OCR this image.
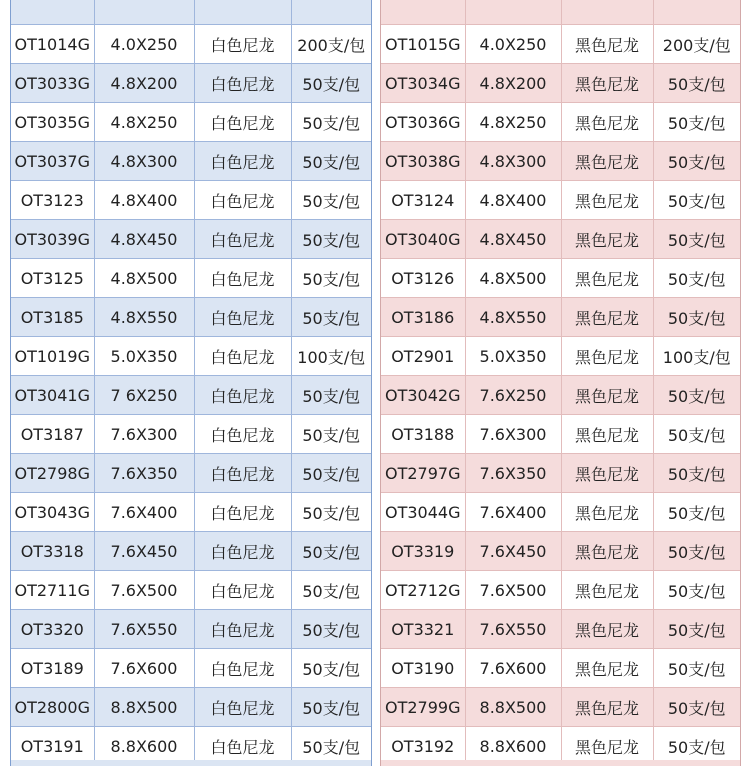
OT1014G	4.0X250	白色尼龙	200支/包
OT3033G	4.8X200	白色尼龙	50支/包
OT3035G	4.8X250	白色尼龙	50支/包
OT3037G	4.8X300	白色尼龙	50支/包
OT3123	4.8X400	白色尼龙	50支/包
OT3039G	4.8X450	白色尼龙	50支/包
OT3125	4.8X500	白色尼龙	50支/包
OT3185	4.8X550	白色尼龙	50支/包
OT1019G	5.0X350	白色尼龙	100支/包
OT3041G	7 6X250	白色尼龙	50支/包
OT3187	7.6X300	白色尼龙	50支/包
OT2798G	7.6X350	白色尼龙	50支/包
OT3043G	7.6X400	白色尼龙	50支/包
OT3318	7.6X450	白色尼龙	50支/包
OT2711G	7.6X500	白色尼龙	50支/包
OT3320	7.6X550	白色尼龙	50支/包
OT3189	7.6X600	白色尼龙	50支/包
OT2800G	8.8X500	白色尼龙	50支/包
OT3191	8.8X600	白色尼龙	50支/包

OT1015G	4.0X250	黑色尼龙	200支/包
OT3034G	4.8X200	黑色尼龙	50支/包
OT3036G	4.8X250	黑色尼龙	50支/包
OT3038G	4.8X300	黑色尼龙	50支/包
OT3124	4.8X400	黑色尼龙	50支/包
OT3040G	4.8X450	黑色尼龙	50支/包
OT3126	4.8X500	黑色尼龙	50支/包
OT3186	4.8X550	黑色尼龙	50支/包
OT2901	5.0X350	黑色尼龙	100支/包
OT3042G	7.6X250	黑色尼龙	50支/包
OT3188	7.6X300	黑色尼龙	50支/包
OT2797G	7.6X350	黑色尼龙	50支/包
OT3044G	7.6X400	黑色尼龙	50支/包
OT3319	7.6X450	黑色尼龙	50支/包
OT2712G	7.6X500	黑色尼龙	50支/包
OT3321	7.6X550	黑色尼龙	50支/包
OT3190	7.6X600	黑色尼龙	50支/包
OT2799G	8.8X500	黑色尼龙	50支/包
OT3192	8.8X600	黑色尼龙	50支/包
